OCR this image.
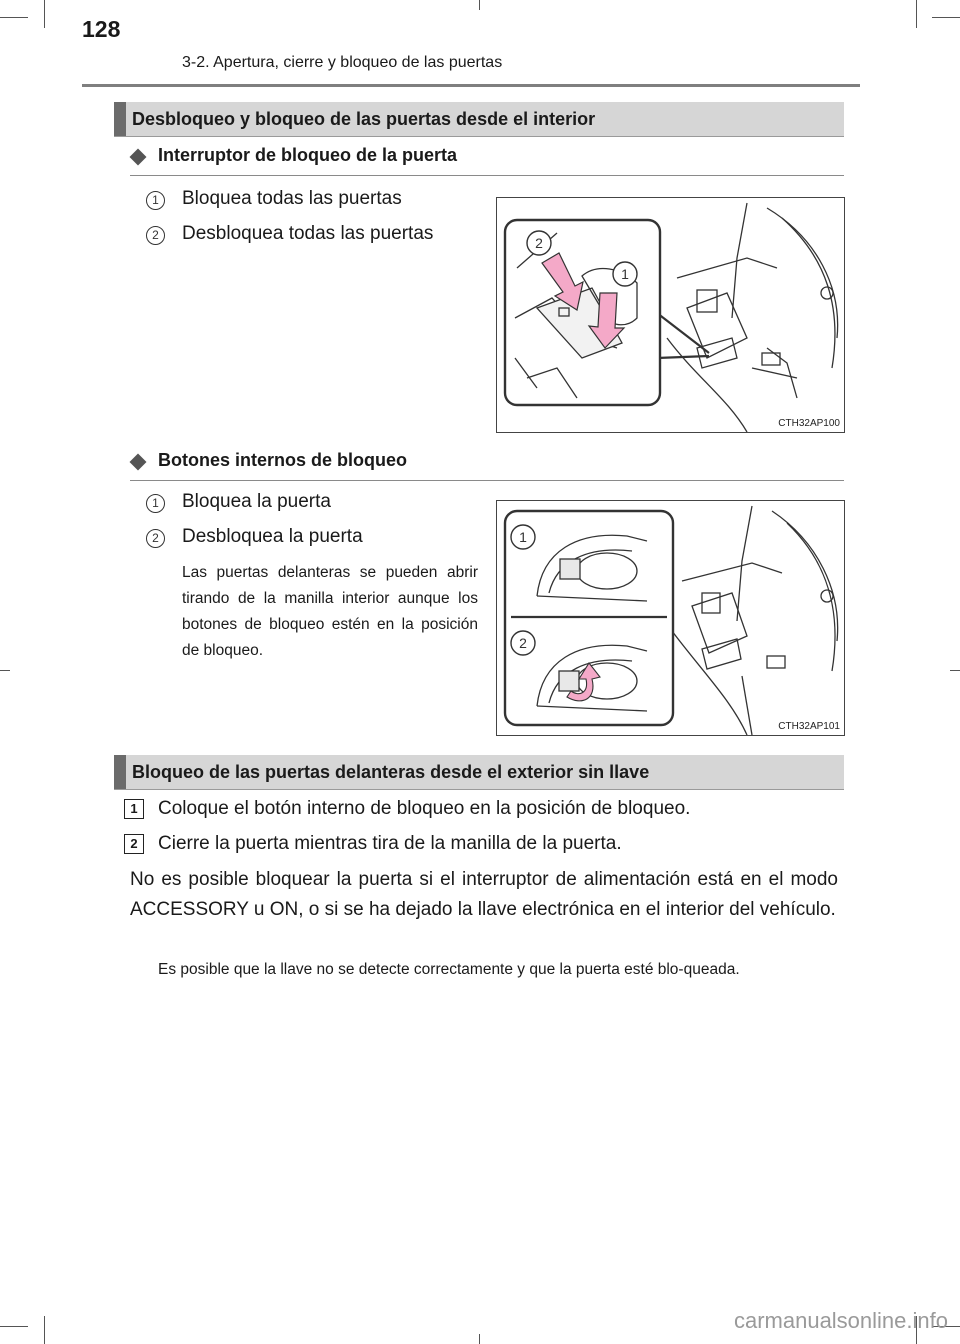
128
3-2. Apertura, cierre y bloqueo de las puertas
Desbloqueo y bloqueo de las puertas desde el interior
Interruptor de bloqueo de la puerta
1	Bloquea todas las puertas
2	Desbloquea todas las puertas	2
1
CTH32AP100
Botones internos de bloqueo
1	Bloquea la puerta
2	Desbloquea la puerta
Las puertas delanteras se pueden abrir tirando de la manilla interior aunque los botones de bloqueo estén en la posición de bloqueo.
1
2
CTH32AP101
Bloqueo de las puertas delanteras desde el exterior sin llave
1	Coloque el botón interno de bloqueo en la posición de bloqueo.
2	Cierre la puerta mientras tira de la manilla de la puerta.
No es posible bloquear la puerta si el interruptor de alimentación está en el modo ACCESSORY u ON, o si se ha dejado la llave electrónica en el interior del vehículo.
Es posible que la llave no se detecte correctamente y que la puerta esté blo-queada.
carmanualsonline.info
